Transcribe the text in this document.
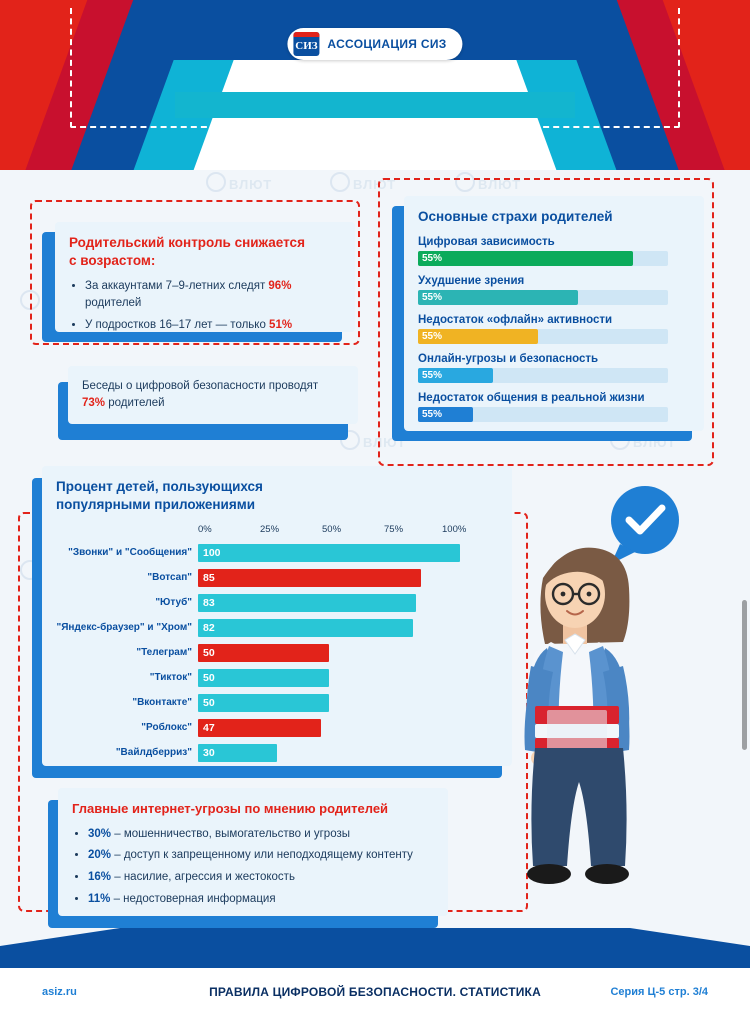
СИЗ АССОЦИАЦИЯ СИЗ
ВЛЮТ	ВЛЮТ	ВЛЮТ
ВЛЮТ	ВЛЮТ
Родительский контроль снижается
с возрастом:
• За аккаунтами 7–9-летних следят 96% родителей
• У подростков 16–17 лет — только 51%
Беседы о цифровой безопасности проводят 73% родителей
Основные страхи родителей
Цифровая зависимость
55%
Ухудшение зрения
55%
Недостаток «офлайн» активности
55%
Онлайн-угрозы и безопасность
55%
Недостаток общения в реальной жизни
55%
Процент детей, пользующихся популярными приложениями
0%	25%	50%	75%	100%
"Звонки" и "Сообщения"	100
"Вотсап"	85
"Ютуб"	83
"Яндекс-браузер" и "Хром"	82
"Телеграм"	50
"Тикток"	50
"Вконтакте"	50
"Роблокс"	47
"Вайлдберриз"	30
Главные интернет-угрозы по мнению родителей
• 30% – мошенничество, вымогательство и угрозы
• 20% – доступ к запрещенному или неподходящему контенту
• 16% – насилие, агрессия и жестокость
• 11% – недостоверная информация
asiz.ru	ПРАВИЛА ЦИФРОВОЙ БЕЗОПАСНОСТИ. СТАТИСТИКА	Серия Ц-5 стр. 3/4
